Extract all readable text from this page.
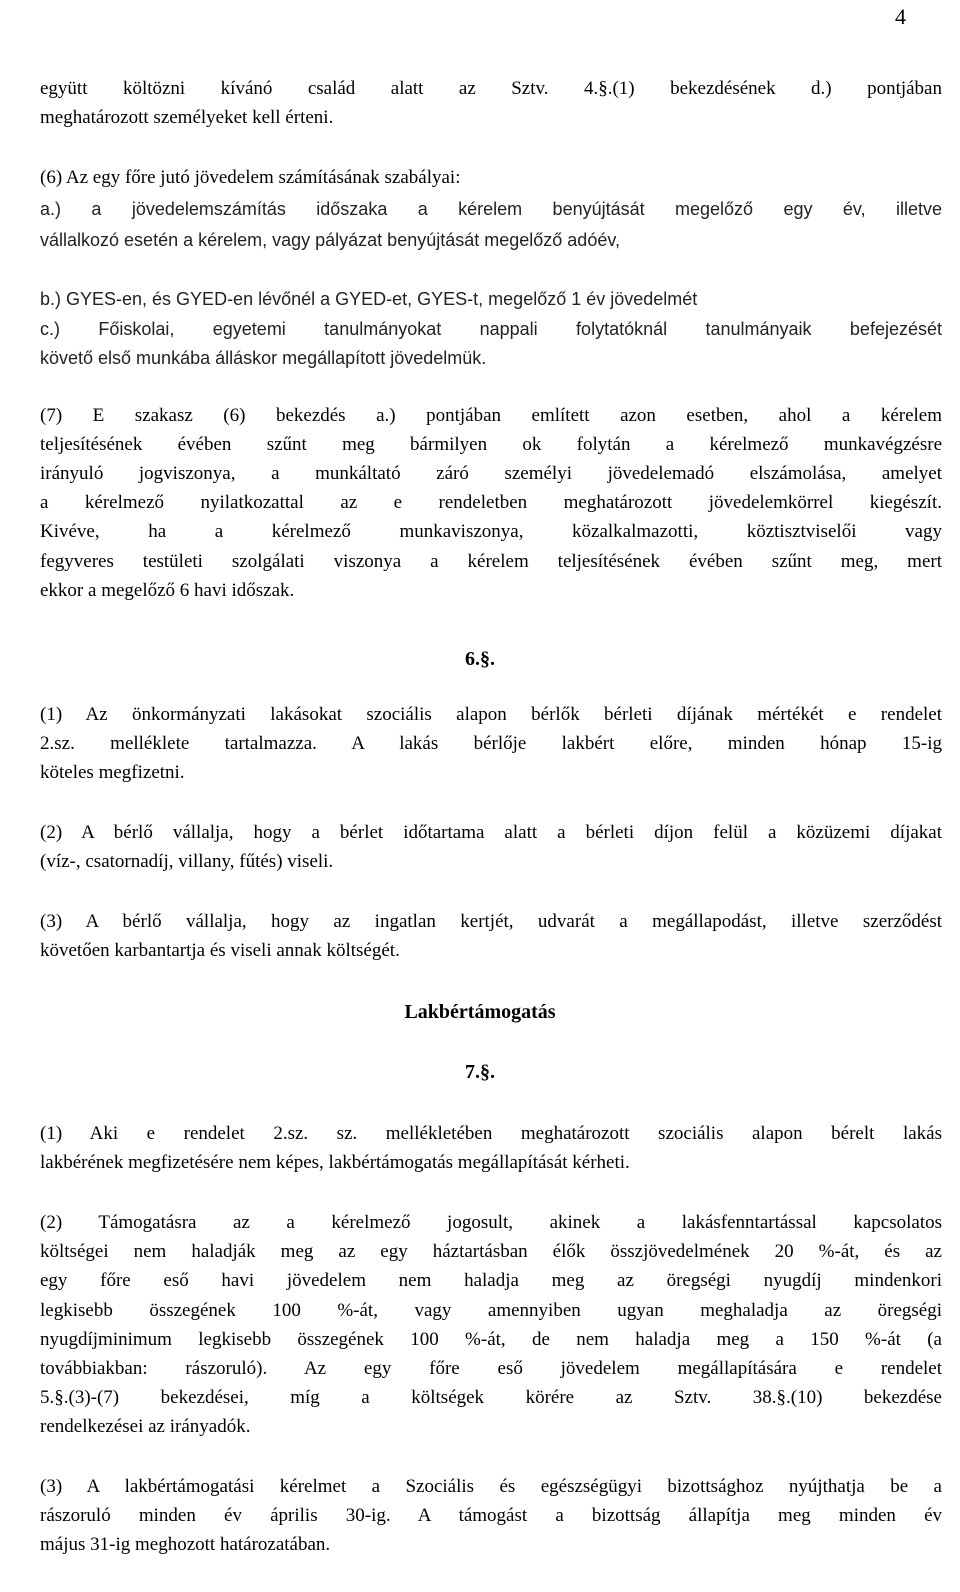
4
együtt költözni kívánó család alatt az Sztv. 4.§.(1) bekezdésének d.) pontjában
meghatározott személyeket kell érteni.
(6) Az egy főre jutó jövedelem számításának szabályai:
a.) a jövedelemszámítás időszaka a kérelem benyújtását megelőző egy év, illetve
vállalkozó esetén a kérelem, vagy pályázat benyújtását megelőző adóév,
b.) GYES-en, és GYED-en lévőnél a GYED-et, GYES-t, megelőző 1 év jövedelmét
c.) Főiskolai, egyetemi tanulmányokat nappali folytatóknál tanulmányaik befejezését
követő első munkába álláskor megállapított jövedelmük.
(7) E szakasz (6) bekezdés a.) pontjában említett azon esetben, ahol a kérelem
teljesítésének évében szűnt meg bármilyen ok folytán a kérelmező munkavégzésre
irányuló jogviszonya, a munkáltató záró személyi jövedelemadó elszámolása, amelyet
a kérelmező nyilatkozattal az e rendeletben meghatározott jövedelemkörrel kiegészít.
Kivéve, ha a kérelmező munkaviszonya, közalkalmazotti, köztisztviselői vagy
fegyveres testületi szolgálati viszonya a kérelem teljesítésének évében szűnt meg, mert
ekkor a megelőző 6 havi időszak.
6.§.
(1) Az önkormányzati lakásokat szociális alapon bérlők bérleti díjának mértékét e rendelet
2.sz. melléklete tartalmazza. A lakás bérlője lakbért előre, minden hónap 15-ig
köteles megfizetni.
(2) A bérlő vállalja, hogy a bérlet időtartama alatt a bérleti díjon felül a közüzemi díjakat
(víz-, csatornadíj, villany, fűtés) viseli.
(3) A bérlő vállalja, hogy az ingatlan kertjét, udvarát a megállapodást, illetve szerződést
követően karbantartja és viseli annak költségét.
Lakbértámogatás
7.§.
(1) Aki e rendelet 2.sz. sz. mellékletében meghatározott szociális alapon bérelt lakás
lakbérének megfizetésére nem képes, lakbértámogatás megállapítását kérheti.
(2) Támogatásra az a kérelmező jogosult, akinek a lakásfenntartással kapcsolatos
költségei nem haladják meg az egy háztartásban élők összjövedelmének 20 %-át, és az
egy főre eső havi jövedelem nem haladja meg az öregségi nyugdíj mindenkori
legkisebb összegének 100 %-át, vagy amennyiben ugyan meghaladja az öregségi
nyugdíjminimum legkisebb összegének 100 %-át, de nem haladja meg a 150 %-át (a
továbbiakban: rászoruló). Az egy főre eső jövedelem megállapítására e rendelet
5.§.(3)-(7) bekezdései, míg a költségek körére az Sztv. 38.§.(10) bekezdése
rendelkezései az irányadók.
(3) A lakbértámogatási kérelmet a Szociális és egészségügyi bizottsághoz nyújthatja be a
rászoruló minden év április 30-ig. A támogást a bizottság állapítja meg minden év
május 31-ig meghozott határozatában.
